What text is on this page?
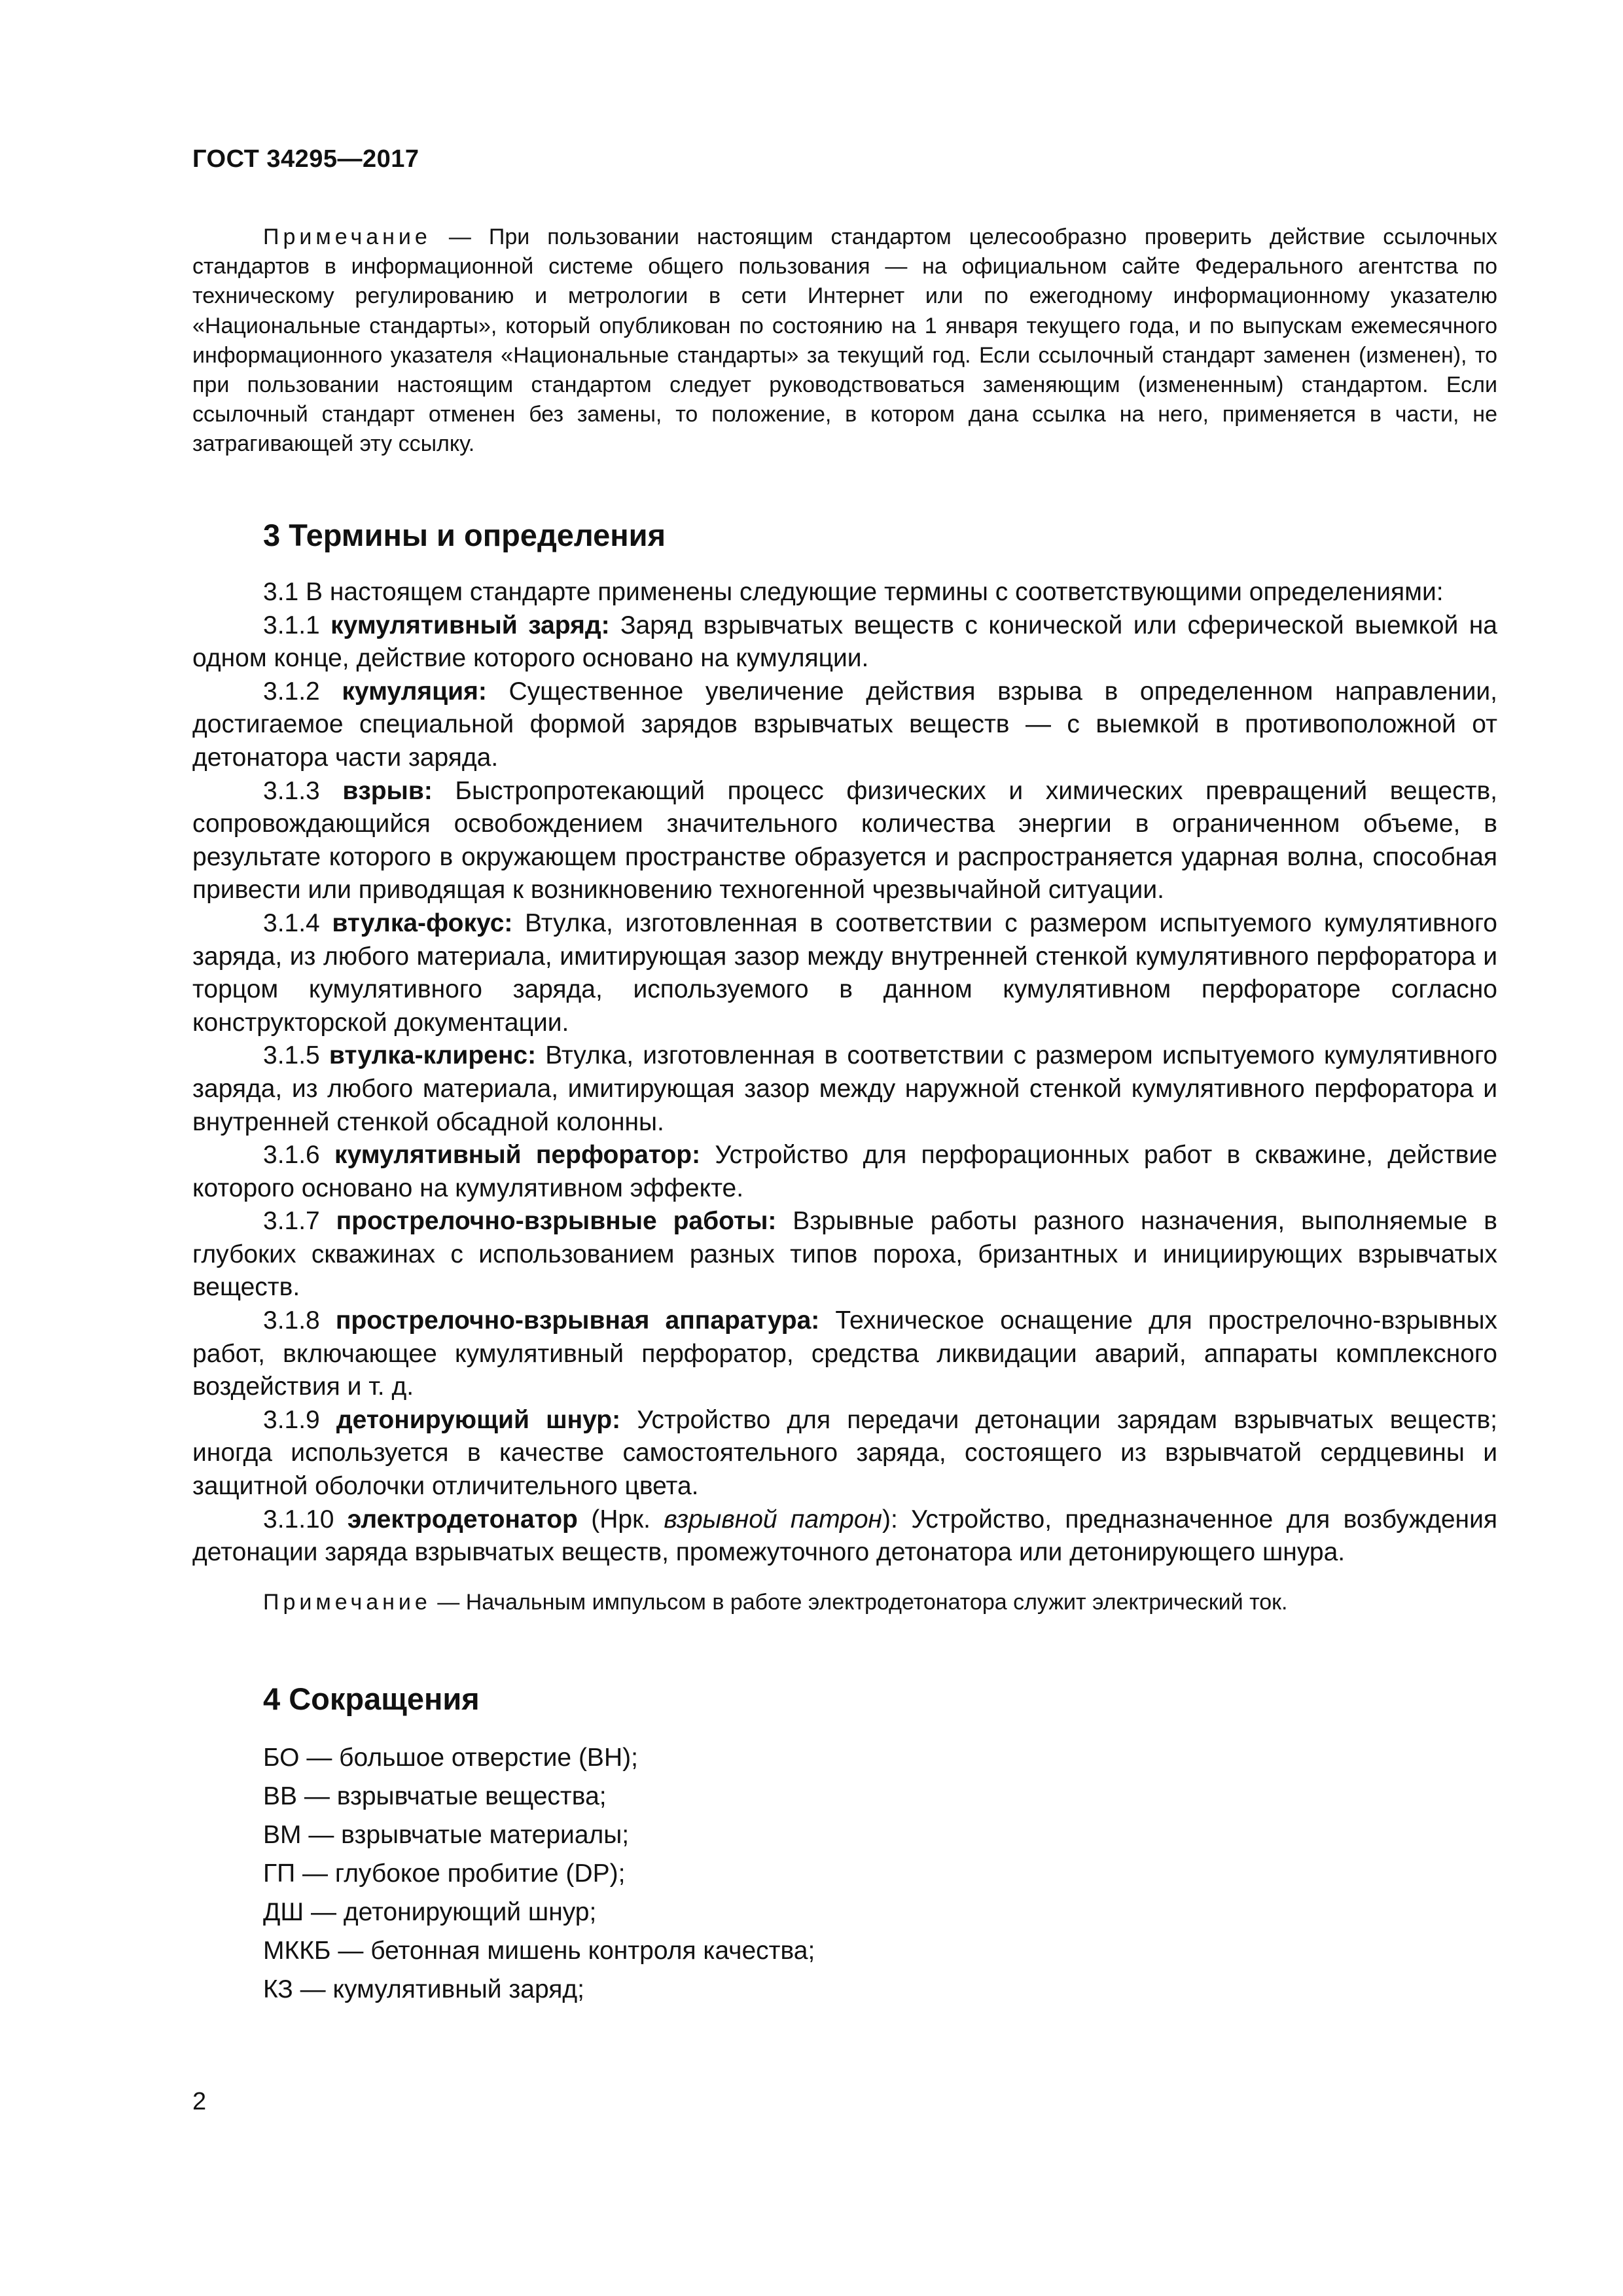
ГОСТ 34295—2017

Примечание — При пользовании настоящим стандартом целесообразно проверить действие ссылочных стандартов в информационной системе общего пользования — на официальном сайте Федерального агентства по техническому регулированию и метрологии в сети Интернет или по ежегодному информационному указателю «Национальные стандарты», который опубликован по состоянию на 1 января текущего года, и по выпускам ежемесячного информационного указателя «Национальные стандарты» за текущий год. Если ссылочный стандарт заменен (изменен), то при пользовании настоящим стандартом следует руководствоваться заменяющим (измененным) стандартом. Если ссылочный стандарт отменен без замены, то положение, в котором дана ссылка на него, применяется в части, не затрагивающей эту ссылку.

3 Термины и определения

3.1 В настоящем стандарте применены следующие термины с соответствующими определениями:

3.1.1 кумулятивный заряд: Заряд взрывчатых веществ с конической или сферической выемкой на одном конце, действие которого основано на кумуляции.

3.1.2 кумуляция: Существенное увеличение действия взрыва в определенном направлении, достигаемое специальной формой зарядов взрывчатых веществ — с выемкой в противоположной от детонатора части заряда.

3.1.3 взрыв: Быстропротекающий процесс физических и химических превращений веществ, сопровождающийся освобождением значительного количества энергии в ограниченном объеме, в результате которого в окружающем пространстве образуется и распространяется ударная волна, способная привести или приводящая к возникновению техногенной чрезвычайной ситуации.

3.1.4 втулка-фокус: Втулка, изготовленная в соответствии с размером испытуемого кумулятивного заряда, из любого материала, имитирующая зазор между внутренней стенкой кумулятивного перфоратора и торцом кумулятивного заряда, используемого в данном кумулятивном перфораторе согласно конструкторской документации.

3.1.5 втулка-клиренс: Втулка, изготовленная в соответствии с размером испытуемого кумулятивного заряда, из любого материала, имитирующая зазор между наружной стенкой кумулятивного перфоратора и внутренней стенкой обсадной колонны.

3.1.6 кумулятивный перфоратор: Устройство для перфорационных работ в скважине, действие которого основано на кумулятивном эффекте.

3.1.7 прострелочно-взрывные работы: Взрывные работы разного назначения, выполняемые в глубоких скважинах с использованием разных типов пороха, бризантных и инициирующих взрывчатых веществ.

3.1.8 прострелочно-взрывная аппаратура: Техническое оснащение для прострелочно-взрывных работ, включающее кумулятивный перфоратор, средства ликвидации аварий, аппараты комплексного воздействия и т. д.

3.1.9 детонирующий шнур: Устройство для передачи детонации зарядам взрывчатых веществ; иногда используется в качестве самостоятельного заряда, состоящего из взрывчатой сердцевины и защитной оболочки отличительного цвета.

3.1.10 электродетонатор (Нрк. взрывной патрон): Устройство, предназначенное для возбуждения детонации заряда взрывчатых веществ, промежуточного детонатора или детонирующего шнура.

Примечание — Начальным импульсом в работе электродетонатора служит электрический ток.
4 Сокращения
БО — большое отверстие (ВН);
ВВ — взрывчатые вещества;
ВМ — взрывчатые материалы;
ГП — глубокое пробитие (DP);
ДШ — детонирующий шнур;
МККБ — бетонная мишень контроля качества;
КЗ — кумулятивный заряд;
2
